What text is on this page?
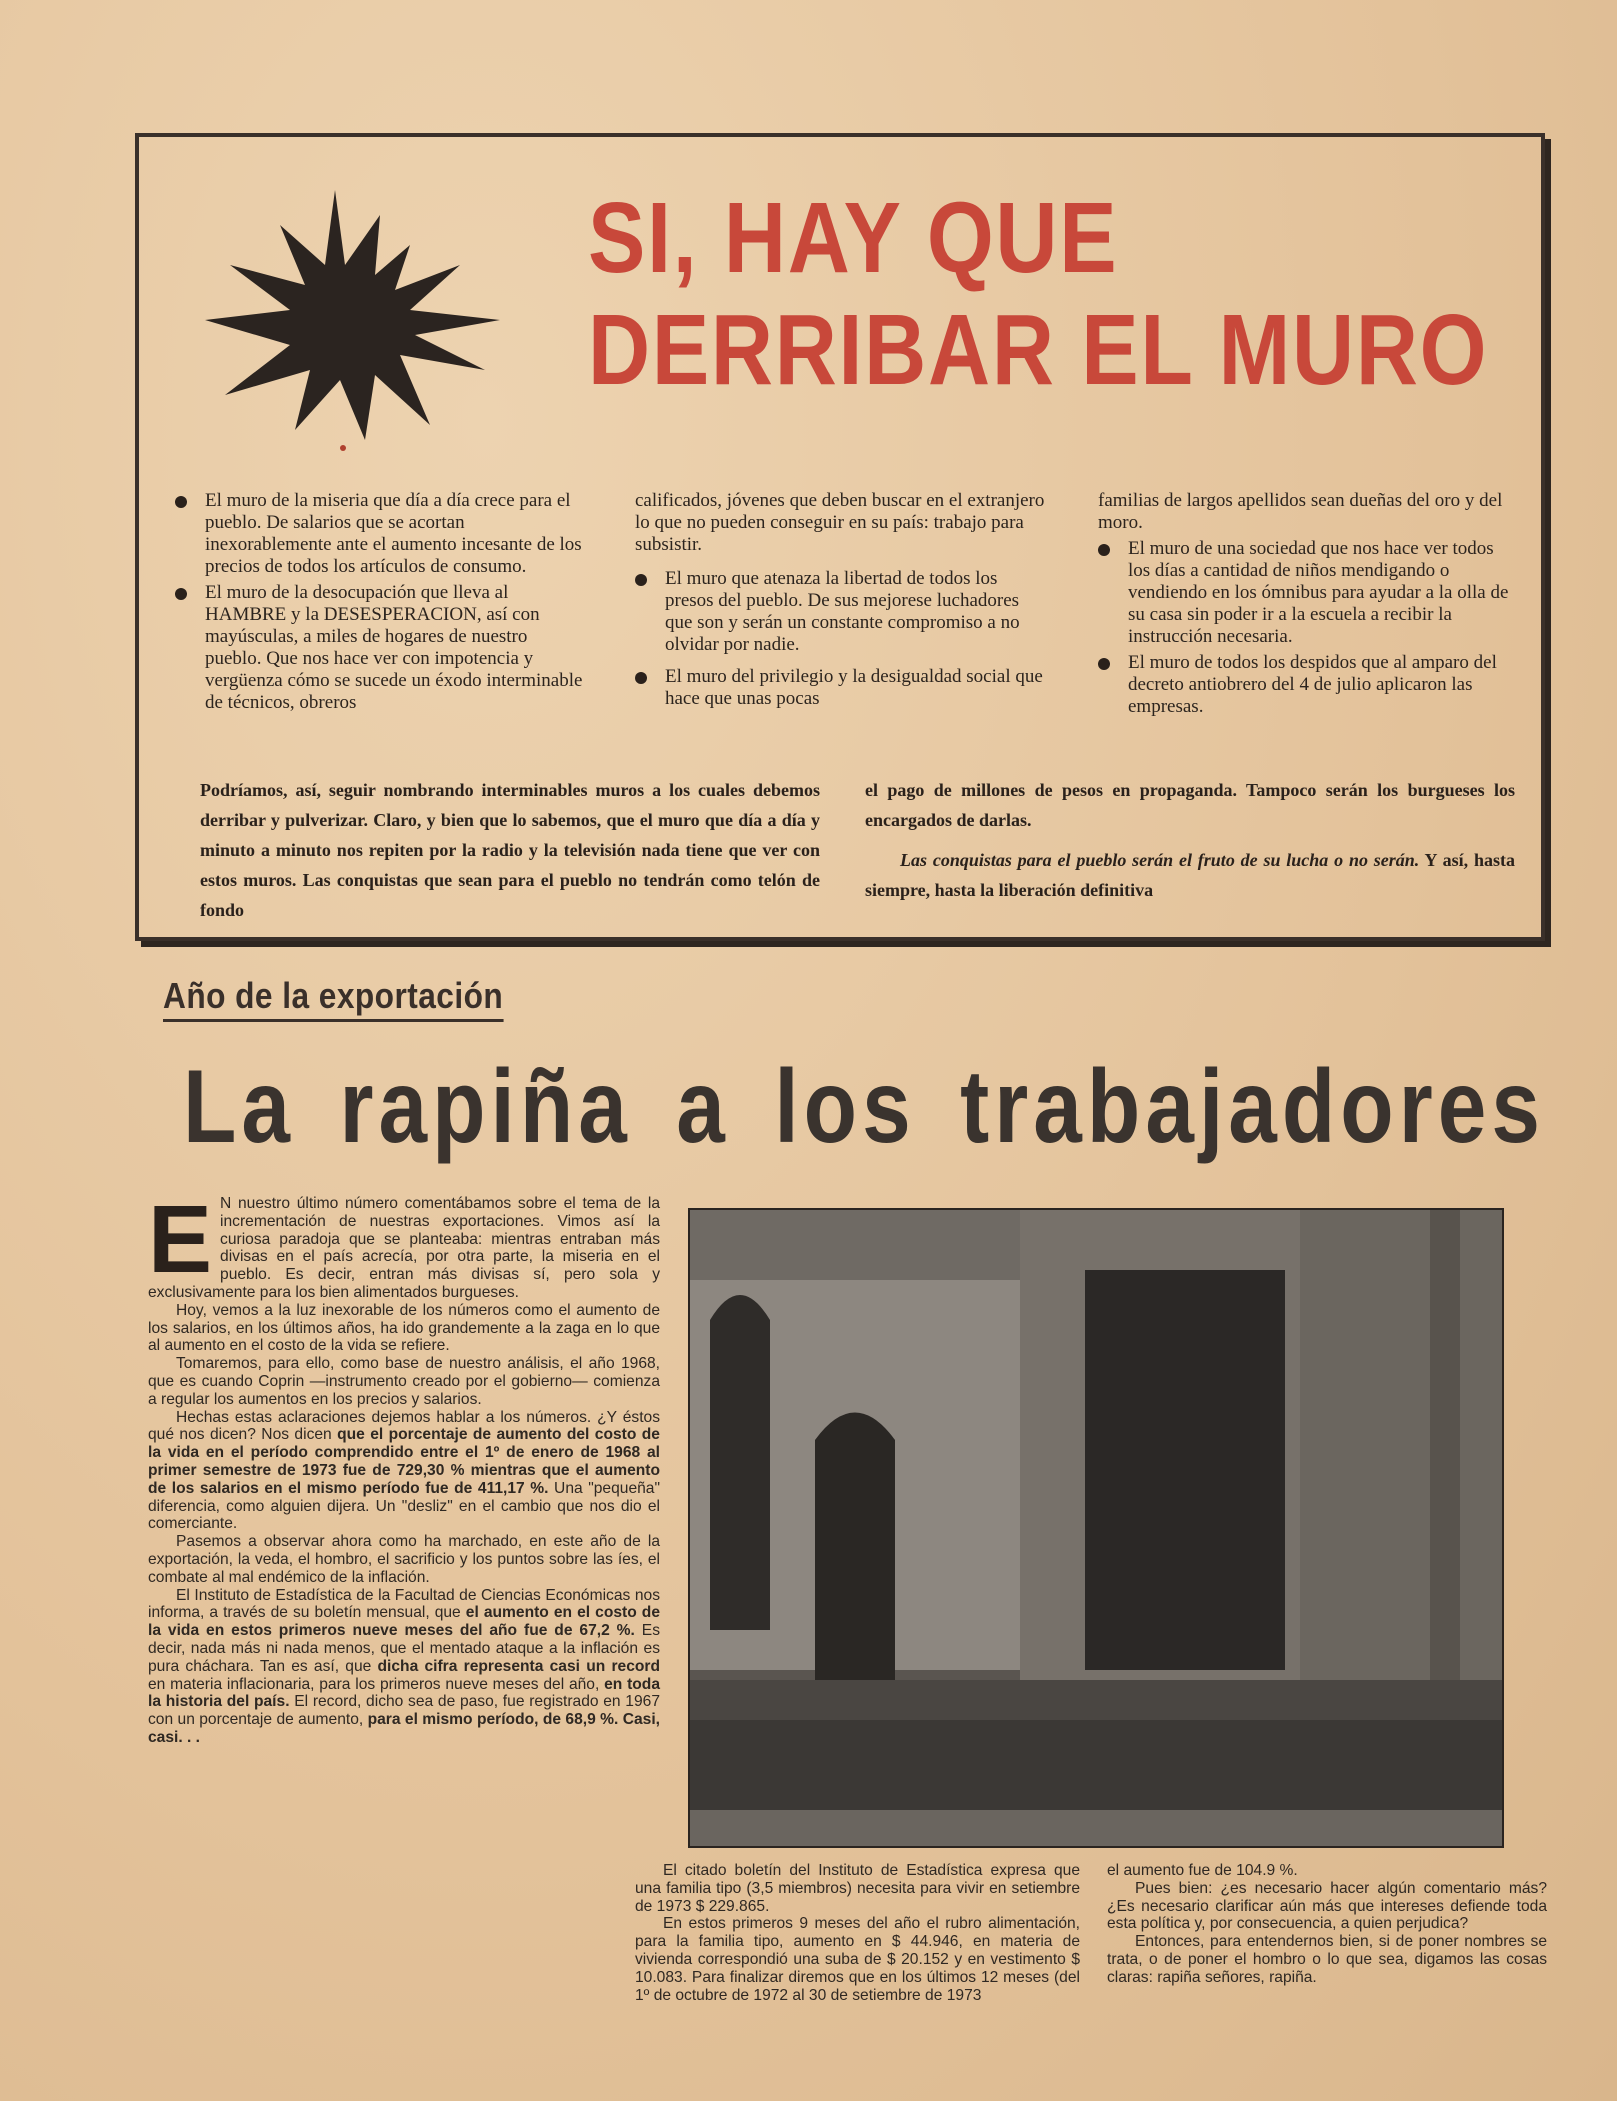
SI, HAY QUE
DERRIBAR EL MURO

El muro de la miseria que día a día crece para el pueblo. De salarios que se acortan inexorablemente ante el aumento incesante de los precios de todos los artículos de consumo.

El muro de la desocupación que lleva al HAMBRE y la DESESPERACION, así con mayúsculas, a miles de hogares de nuestro pueblo. Que nos hace ver con impotencia y vergüenza cómo se sucede un éxodo interminable de técnicos, obreros

calificados, jóvenes que deben buscar en el extranjero lo que no pueden conseguir en su país: trabajo para subsistir.

El muro que atenaza la libertad de todos los presos del pueblo. De sus mejorese luchadores que son y serán un constante compromiso a no olvidar por nadie.

El muro del privilegio y la desigualdad social que hace que unas pocas

familias de largos apellidos sean dueñas del oro y del moro.

El muro de una sociedad que nos hace ver todos los días a cantidad de niños mendigando o vendiendo en los ómnibus para ayudar a la olla de su casa sin poder ir a la escuela a recibir la instrucción necesaria.

El muro de todos los despidos que al amparo del decreto antiobrero del 4 de julio aplicaron las empresas.

Podríamos, así, seguir nombrando interminables muros a los cuales debemos derribar y pulverizar. Claro, y bien que lo sabemos, que el muro que día a día y minuto a minuto nos repiten por la radio y la televisión nada tiene que ver con estos muros. Las conquistas que sean para el pueblo no tendrán como telón de fondo
el pago de millones de pesos en propaganda. Tampoco serán los burgueses los encargados de darlas.
Las conquistas para el pueblo serán el fruto de su lucha o no serán. Y así, hasta siempre, hasta la liberación definitiva
Año de la exportación
La rapiña a los trabajadores
E N nuestro último número comentábamos sobre el tema de la incrementación de nuestras exportaciones. Vimos así la curiosa paradoja que se planteaba: mientras entraban más divisas en el país acrecía, por otra parte, la miseria en el pueblo. Es decir, entran más divisas sí, pero sola y exclusivamente para los bien alimentados burgueses.

Hoy, vemos a la luz inexorable de los números como el aumento de los salarios, en los últimos años, ha ido grandemente a la zaga en lo que al aumento en el costo de la vida se refiere.

Tomaremos, para ello, como base de nuestro análisis, el año 1968, que es cuando Coprin —instrumento creado por el gobierno— comienza a regular los aumentos en los precios y salarios.

Hechas estas aclaraciones dejemos hablar a los números. ¿Y éstos qué nos dicen? Nos dicen que el porcentaje de aumento del costo de la vida en el período comprendido entre el 1º de enero de 1968 al primer semestre de 1973 fue de 729,30 % mientras que el aumento de los salarios en el mismo período fue de 411,17 %. Una "pequeña" diferencia, como alguien dijera. Un "desliz" en el cambio que nos dio el comerciante.

Pasemos a observar ahora como ha marchado, en este año de la exportación, la veda, el hombro, el sacrificio y los puntos sobre las íes, el combate al mal endémico de la inflación.

El Instituto de Estadística de la Facultad de Ciencias Económicas nos informa, a través de su boletín mensual, que el aumento en el costo de la vida en estos primeros nueve meses del año fue de 67,2 %. Es decir, nada más ni nada menos, que el mentado ataque a la inflación es pura cháchara. Tan es así, que dicha cifra representa casi un record en materia inflacionaria, para los primeros nueve meses del año, en toda la historia del país. El record, dicho sea de paso, fue registrado en 1967 con un porcentaje de aumento, para el mismo período, de 68,9 %. Casi, casi. . .

El citado boletín del Instituto de Estadística expresa que una familia tipo (3,5 miembros) necesita para vivir en setiembre de 1973 $ 229.865.

En estos primeros 9 meses del año el rubro alimentación, para la familia tipo, aumento en $ 44.946, en materia de vivienda correspondió una suba de $ 20.152 y en vestimento $ 10.083. Para finalizar diremos que en los últimos 12 meses (del 1º de octubre de 1972 al 30 de setiembre de 1973

el aumento fue de 104.9 %.

Pues bien: ¿es necesario hacer algún comentario más? ¿Es necesario clarificar aún más que intereses defiende toda esta política y, por consecuencia, a quien perjudica?

Entonces, para entendernos bien, si de poner nombres se trata, o de poner el hombro o lo que sea, digamos las cosas claras: rapiña señores, rapiña.
